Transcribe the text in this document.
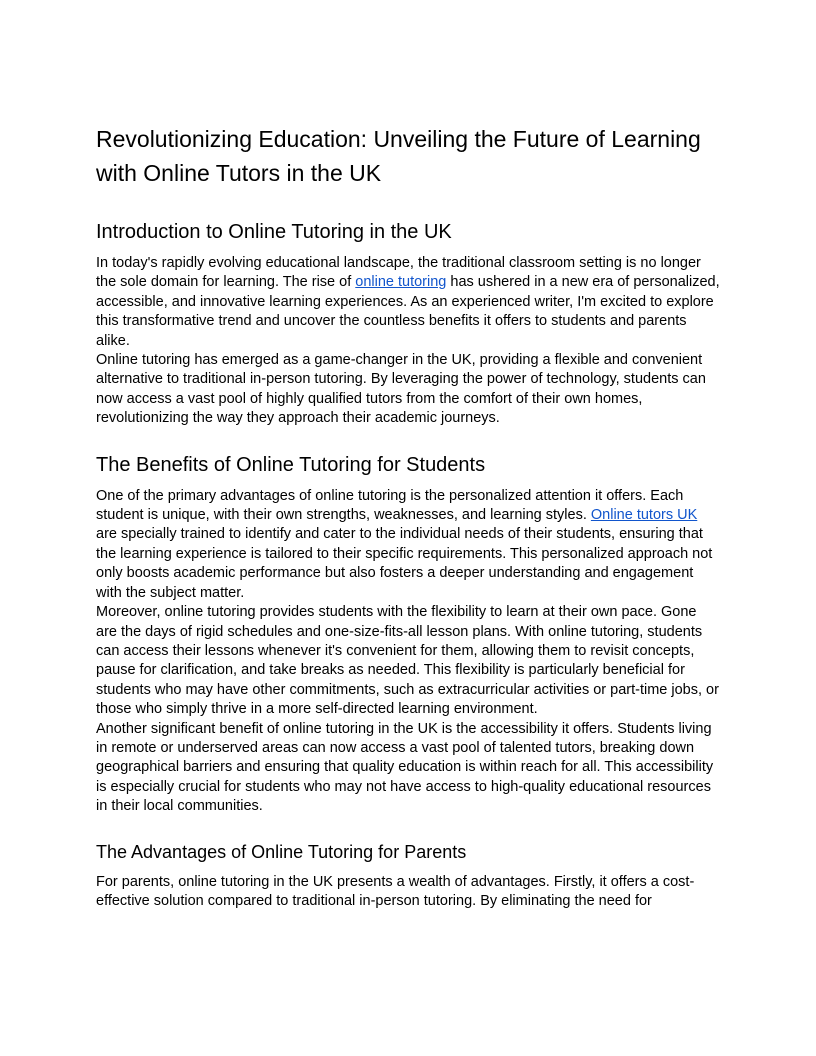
Revolutionizing Education: Unveiling the Future of Learning with Online Tutors in the UK
Introduction to Online Tutoring in the UK

In today's rapidly evolving educational landscape, the traditional classroom setting is no longer the sole domain for learning. The rise of online tutoring has ushered in a new era of personalized, accessible, and innovative learning experiences. As an experienced writer, I'm excited to explore this transformative trend and uncover the countless benefits it offers to students and parents alike.

Online tutoring has emerged as a game-changer in the UK, providing a flexible and convenient alternative to traditional in-person tutoring. By leveraging the power of technology, students can now access a vast pool of highly qualified tutors from the comfort of their own homes, revolutionizing the way they approach their academic journeys.

The Benefits of Online Tutoring for Students

One of the primary advantages of online tutoring is the personalized attention it offers. Each student is unique, with their own strengths, weaknesses, and learning styles. Online tutors UK are specially trained to identify and cater to the individual needs of their students, ensuring that the learning experience is tailored to their specific requirements. This personalized approach not only boosts academic performance but also fosters a deeper understanding and engagement with the subject matter.

Moreover, online tutoring provides students with the flexibility to learn at their own pace. Gone are the days of rigid schedules and one-size-fits-all lesson plans. With online tutoring, students can access their lessons whenever it's convenient for them, allowing them to revisit concepts, pause for clarification, and take breaks as needed. This flexibility is particularly beneficial for students who may have other commitments, such as extracurricular activities or part-time jobs, or those who simply thrive in a more self-directed learning environment.

Another significant benefit of online tutoring in the UK is the accessibility it offers. Students living in remote or underserved areas can now access a vast pool of talented tutors, breaking down geographical barriers and ensuring that quality education is within reach for all. This accessibility is especially crucial for students who may not have access to high-quality educational resources in their local communities.

The Advantages of Online Tutoring for Parents

For parents, online tutoring in the UK presents a wealth of advantages. Firstly, it offers a cost-effective solution compared to traditional in-person tutoring. By eliminating the need for
